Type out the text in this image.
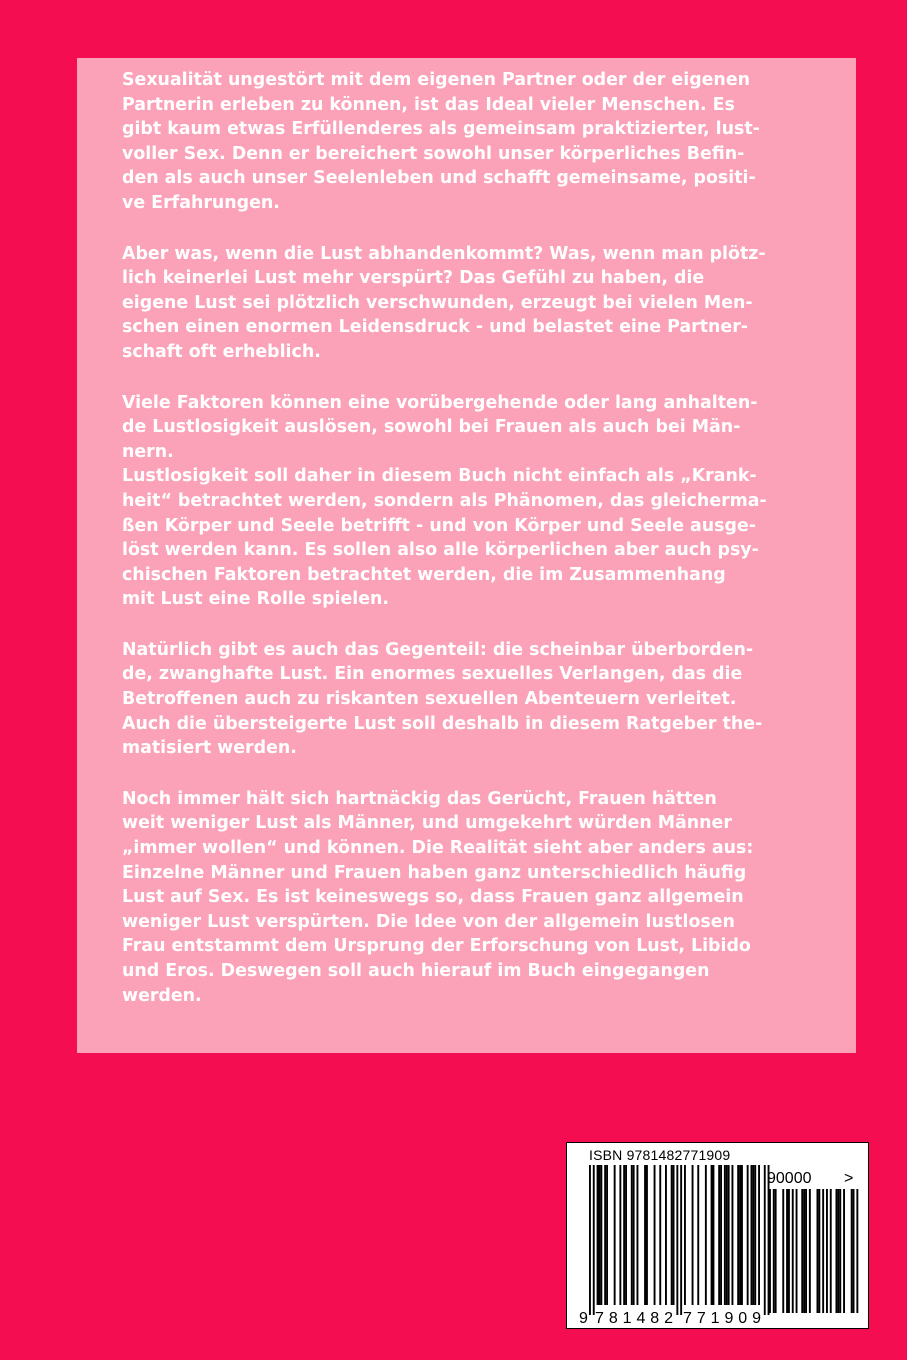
Sexualität ungestört mit dem eigenen Partner oder der eigenen
Partnerin erleben zu können, ist das Ideal vieler Menschen. Es
gibt kaum etwas Erfüllenderes als gemeinsam praktizierter, lust-
voller Sex. Denn er bereichert sowohl unser körperliches Befin-
den als auch unser Seelenleben und schafft gemeinsame, positi-
ve Erfahrungen.

Aber was, wenn die Lust abhandenkommt? Was, wenn man plötz-
lich keinerlei Lust mehr verspürt? Das Gefühl zu haben, die
eigene Lust sei plötzlich verschwunden, erzeugt bei vielen Men-
schen einen enormen Leidensdruck - und belastet eine Partner-
schaft oft erheblich.

Viele Faktoren können eine vorübergehende oder lang anhalten-
de Lustlosigkeit auslösen, sowohl bei Frauen als auch bei Män-
nern.
Lustlosigkeit soll daher in diesem Buch nicht einfach als „Krank-
heit“ betrachtet werden, sondern als Phänomen, das gleicherma-
ßen Körper und Seele betrifft - und von Körper und Seele ausge-
löst werden kann. Es sollen also alle körperlichen aber auch psy-
chischen Faktoren betrachtet werden, die im Zusammenhang
mit Lust eine Rolle spielen.

Natürlich gibt es auch das Gegenteil: die scheinbar überborden-
de, zwanghafte Lust. Ein enormes sexuelles Verlangen, das die
Betroffenen auch zu riskanten sexuellen Abenteuern verleitet.
Auch die übersteigerte Lust soll deshalb in diesem Ratgeber the-
matisiert werden.

Noch immer hält sich hartnäckig das Gerücht, Frauen hätten
weit weniger Lust als Männer, und umgekehrt würden Männer
„immer wollen“ und können. Die Realität sieht aber anders aus:
Einzelne Männer und Frauen haben ganz unterschiedlich häufig
Lust auf Sex. Es ist keineswegs so, dass Frauen ganz allgemein
weniger Lust verspürten. Die Idee von der allgemein lustlosen
Frau entstammt dem Ursprung der Erforschung von Lust, Libido
und Eros. Deswegen soll auch hierauf im Buch eingegangen
werden.

ISBN 9781482771909
9 781482 771909
90000 >
